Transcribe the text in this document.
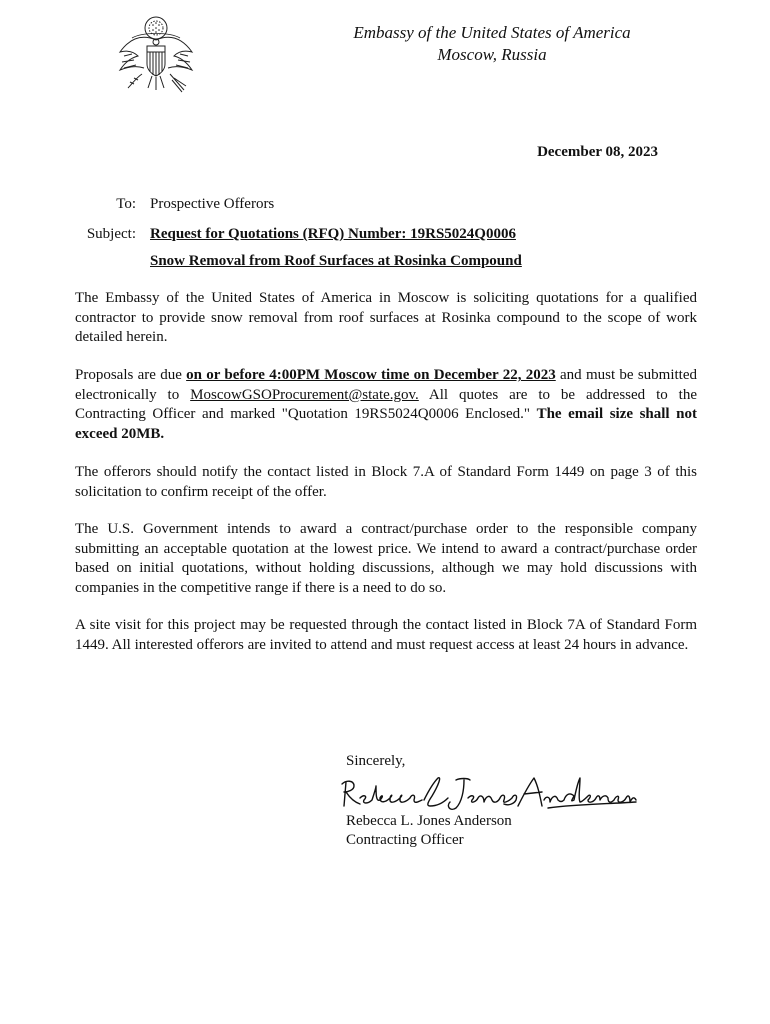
Embassy of the United States of America
Moscow, Russia
December 08, 2023
To: Prospective Offerors
Subject: Request for Quotations (RFQ) Number: 19RS5024Q0006
Snow Removal from Roof Surfaces at Rosinka Compound

The Embassy of the United States of America in Moscow is soliciting quotations for a qualified contractor to provide snow removal from roof surfaces at Rosinka compound to the scope of work detailed herein.

Proposals are due on or before 4:00PM Moscow time on December 22, 2023 and must be submitted electronically to MoscowGSOProcurement@state.gov. All quotes are to be addressed to the Contracting Officer and marked "Quotation 19RS5024Q0006 Enclosed." The email size shall not exceed 20MB.

The offerors should notify the contact listed in Block 7.A of Standard Form 1449 on page 3 of this solicitation to confirm receipt of the offer.

The U.S. Government intends to award a contract/purchase order to the responsible company submitting an acceptable quotation at the lowest price. We intend to award a contract/purchase order based on initial quotations, without holding discussions, although we may hold discussions with companies in the competitive range if there is a need to do so.

A site visit for this project may be requested through the contact listed in Block 7A of Standard Form 1449. All interested offerors are invited to attend and must request access at least 24 hours in advance.

Sincerely,
Rebecca L. Jones Anderson
Contracting Officer
